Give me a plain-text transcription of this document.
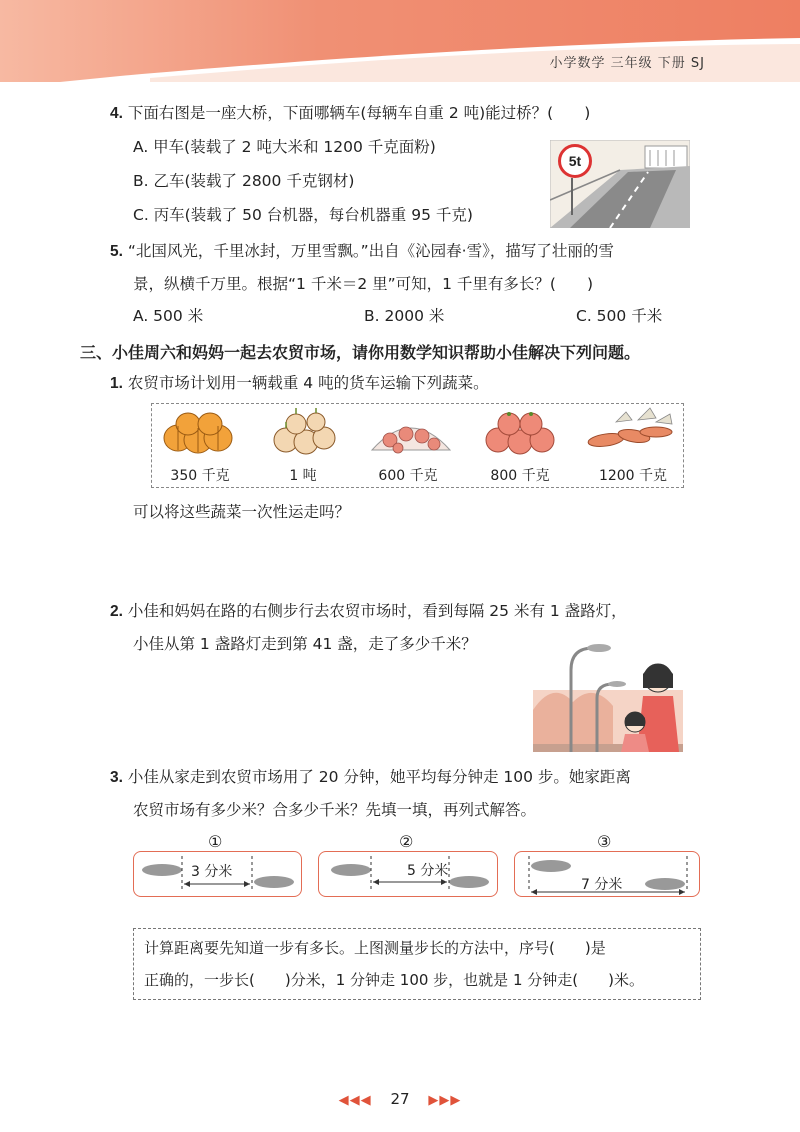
小学数学 三年级 下册 SJ
4. 下面右图是一座大桥，下面哪辆车(每辆车自重 2 吨)能过桥？(　　)
A. 甲车(装载了 2 吨大米和 1200 千克面粉)
B. 乙车(装载了 2800 千克钢材)
C. 丙车(装载了 50 台机器，每台机器重 95 千克)
5t
5. “北国风光，千里冰封，万里雪飘。”出自《沁园春·雪》，描写了壮丽的雪
景，纵横千万里。根据“1 千米＝2 里”可知，1 千里有多长？(　　)
A. 500 米	B. 2000 米	C. 500 千米
三、小佳周六和妈妈一起去农贸市场，请你用数学知识帮助小佳解决下列问题。
1. 农贸市场计划用一辆载重 4 吨的货车运输下列蔬菜。
350 千克	1 吨	600 千克	800 千克	1200 千克
可以将这些蔬菜一次性运走吗？
2. 小佳和妈妈在路的右侧步行去农贸市场时，看到每隔 25 米有 1 盏路灯，
小佳从第 1 盏路灯走到第 41 盏，走了多少千米？
3. 小佳从家走到农贸市场用了 20 分钟，她平均每分钟走 100 步。她家距离
农贸市场有多少米？合多少千米？先填一填，再列式解答。
①	②	③
3 分米	5 分米
7 分米
计算距离要先知道一步有多长。上图测量步长的方法中，序号(　　)是
正确的，一步长(　　)分米，1 分钟走 100 步，也就是 1 分钟走(　　)米。
◀◀◀ 27 ▶▶▶
